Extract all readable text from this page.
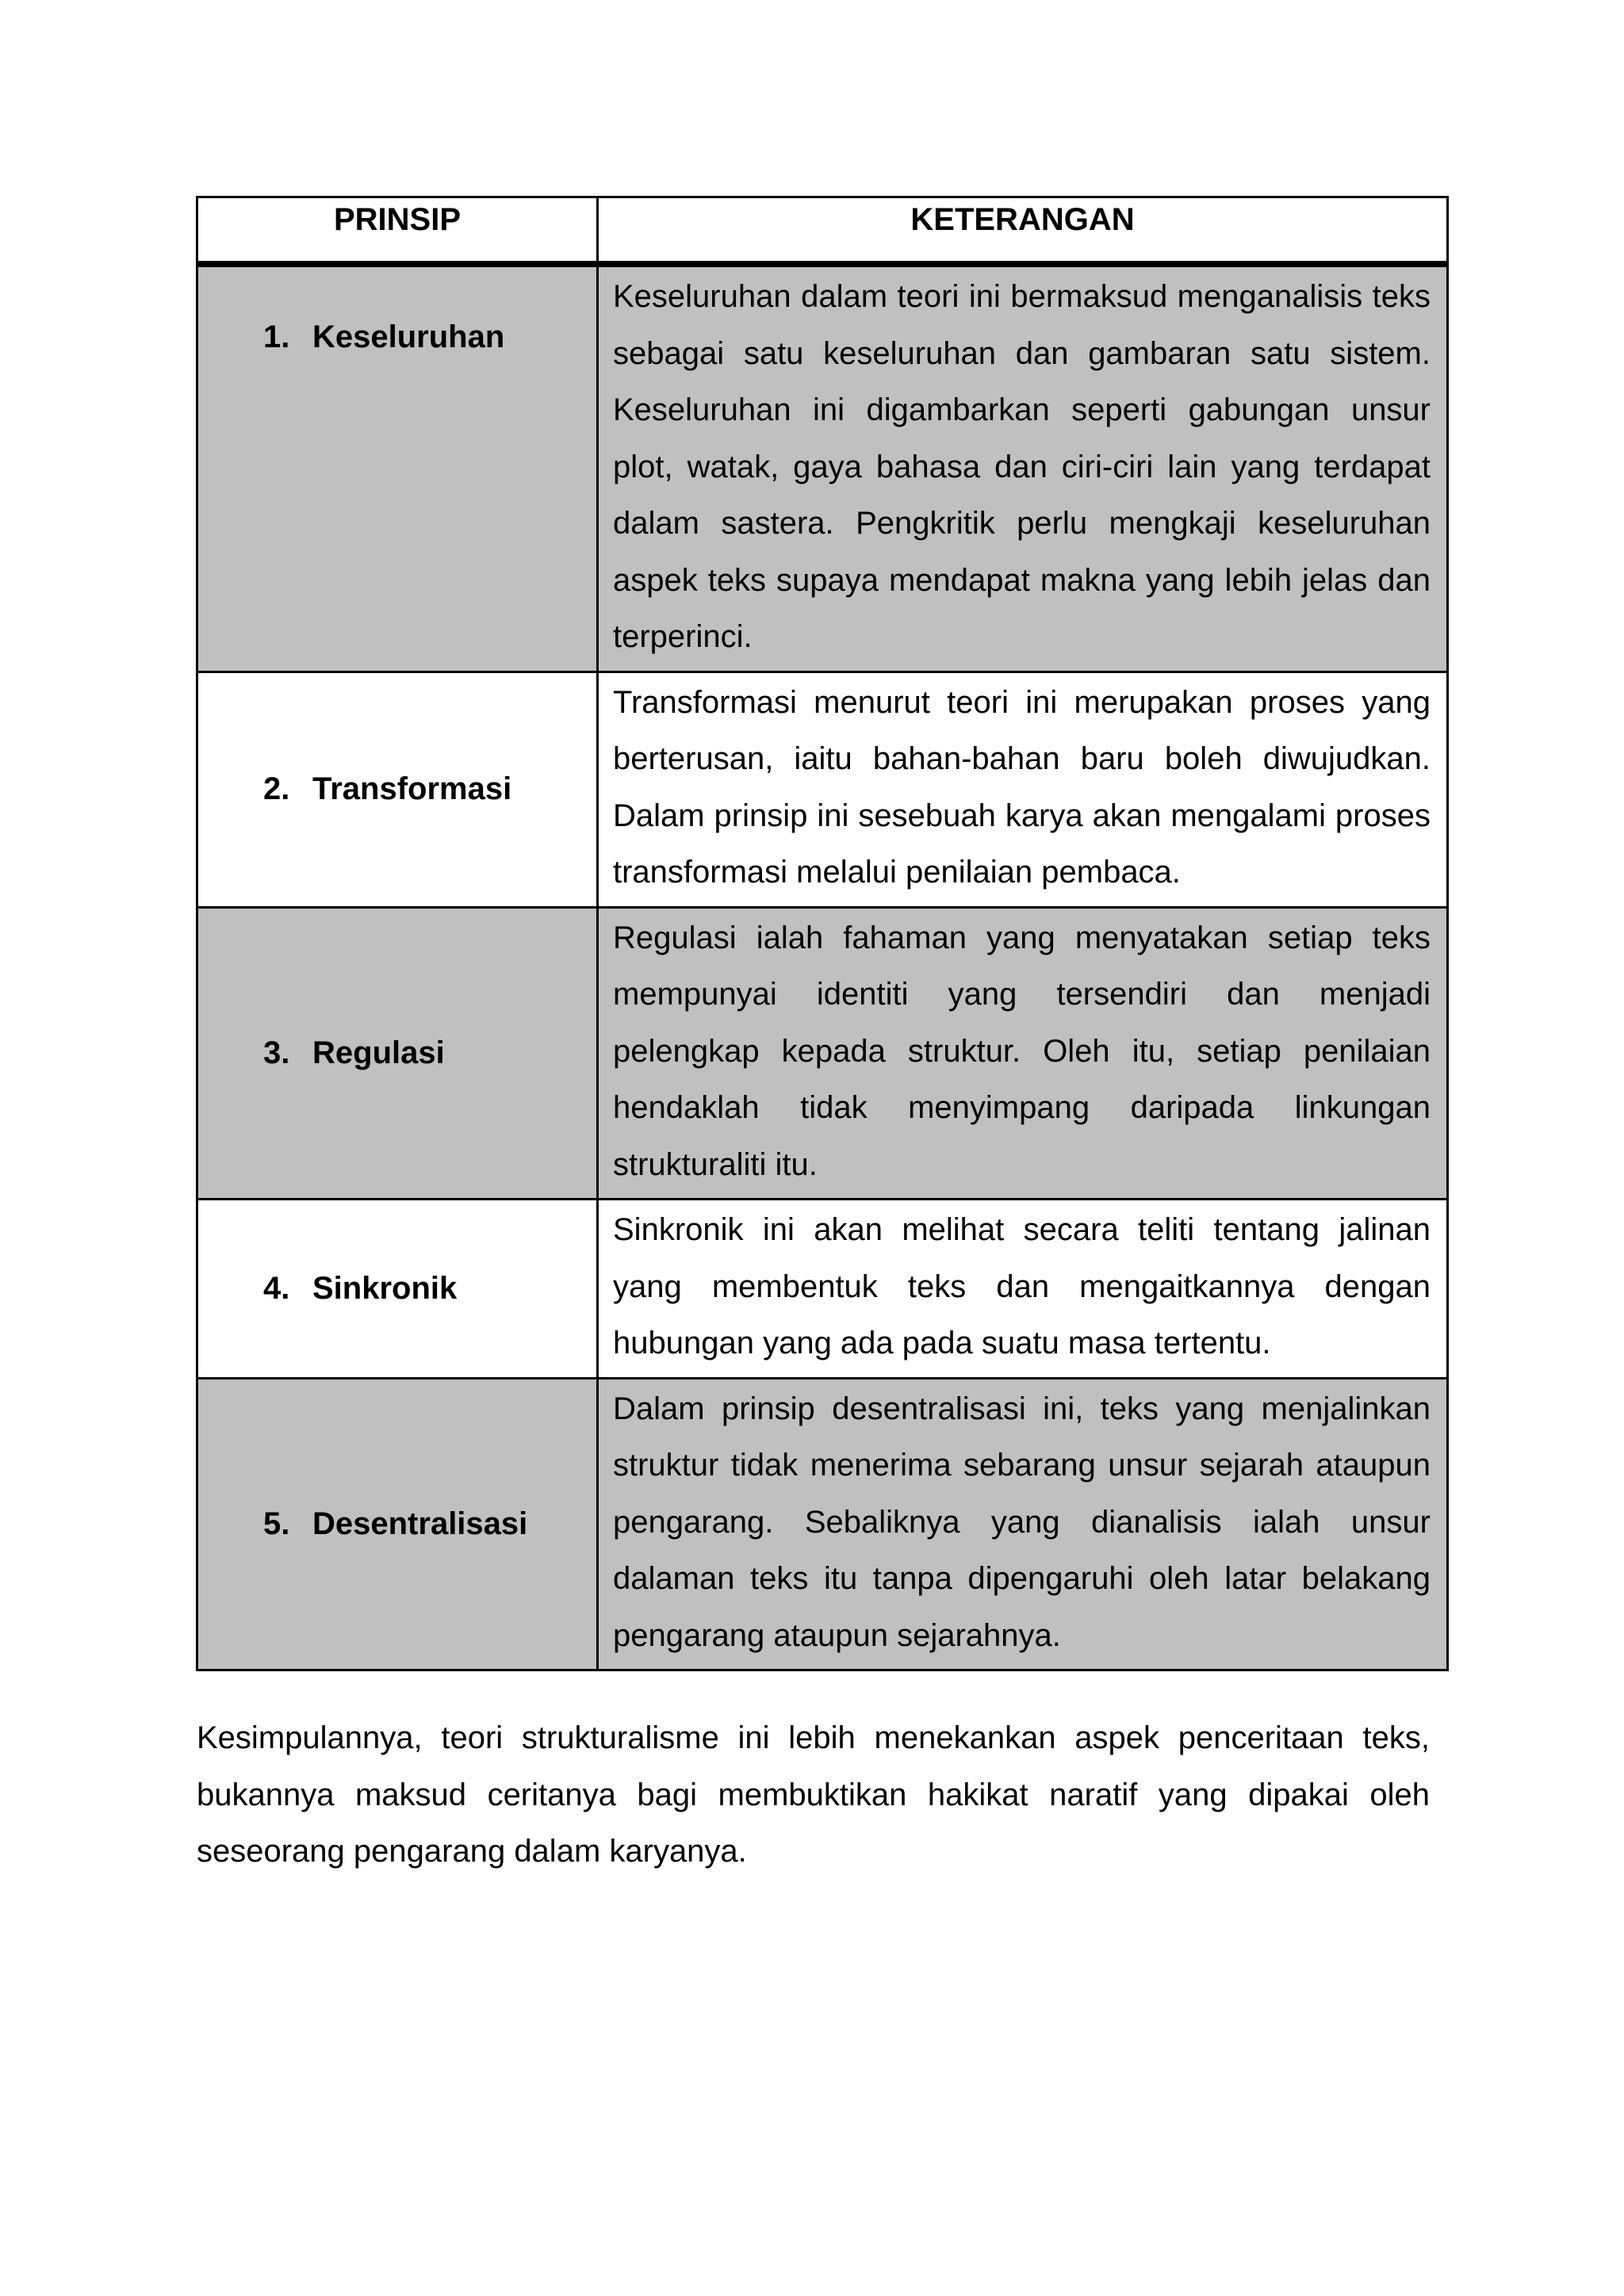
PRINSIP	KETERANGAN
1. Keseluruhan	Keseluruhan dalam teori ini bermaksud menganalisis teks sebagai satu keseluruhan dan gambaran satu sistem. Keseluruhan ini digambarkan seperti gabungan unsur plot, watak, gaya bahasa dan ciri-ciri lain yang terdapat dalam sastera. Pengkritik perlu mengkaji keseluruhan aspek teks supaya mendapat makna yang lebih jelas dan terperinci.

2. Transformasi	Transformasi menurut teori ini merupakan proses yang berterusan, iaitu bahan-bahan baru boleh diwujudkan. Dalam prinsip ini sesebuah karya akan mengalami proses transformasi melalui penilaian pembaca.

3. Regulasi	Regulasi ialah fahaman yang menyatakan setiap teks mempunyai identiti yang tersendiri dan menjadi pelengkap kepada struktur. Oleh itu, setiap penilaian hendaklah tidak menyimpang daripada linkungan strukturaliti itu.

4. Sinkronik	Sinkronik ini akan melihat secara teliti tentang jalinan yang membentuk teks dan mengaitkannya dengan hubungan yang ada pada suatu masa tertentu.

5. Desentralisasi	Dalam prinsip desentralisasi ini, teks yang menjalinkan struktur tidak menerima sebarang unsur sejarah ataupun pengarang. Sebaliknya yang dianalisis ialah unsur dalaman teks itu tanpa dipengaruhi oleh latar belakang pengarang ataupun sejarahnya.

Kesimpulannya, teori strukturalisme ini lebih menekankan aspek penceritaan teks, bukannya maksud ceritanya bagi membuktikan hakikat naratif yang dipakai oleh seseorang pengarang dalam karyanya.
